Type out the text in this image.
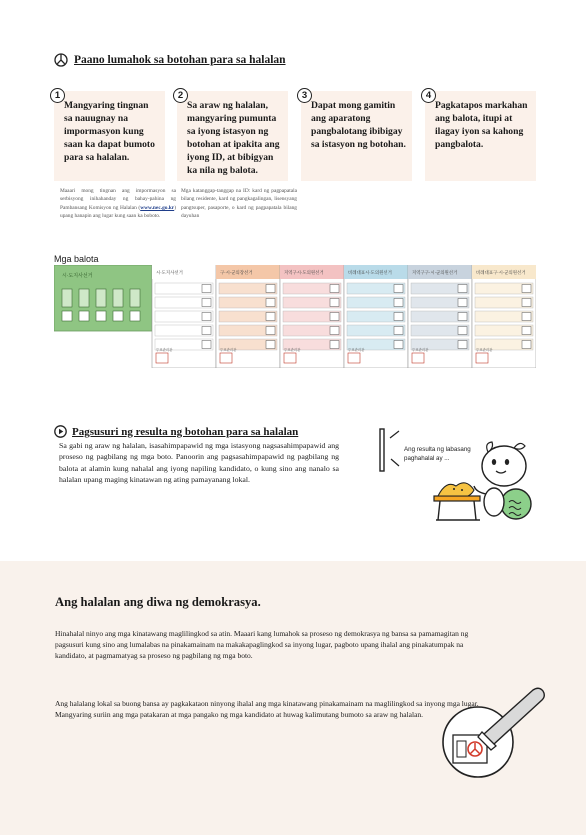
Paano lumahok sa botohan para sa halalan
1
Mangyaring tingnan sa nauugnay na impormasyon kung saan ka dapat bumoto para sa halalan.
2
Sa araw ng halalan, mangyaring pumunta sa iyong istasyon ng botohan at ipakita ang iyong ID, at bibigyan ka nila ng balota.
3
Dapat mong gamitin ang aparatong pangbalotang ibibigay sa istasyon ng botohan.
4
Pagkatapos markahan ang balota, itupi at ilagay iyon sa kahong pangbalota.
Maaari mong tingnan ang impormasyon sa serbisyong inihahanday ng bahay-pahina ng Pambansang Komisyon ng Halalan (www.nec.go.kr) upang hanapin ang lugar kung saan ka boboto.
Mga katanggap-tanggap na ID: kard ng pagpapatala bilang residente, kard ng pangkagalingan, lisensyang pangtsuper, pasaporte, o kard ng pagpapatala bilang dayuhan
Mga balota
시·도지사선거	시·도지사선거
투표관리관
구·시·군의장선거
투표관리관
지역구시·도의원선거
투표관리관
비례대표시·도의원선거
투표관리관
지역구구·시·군의원선거
투표관리관
비례대표구·시·군의원선거
투표관리관
Pagsusuri ng resulta ng botohan para sa halalan
Sa gabi ng araw ng halalan, isasahimpapawid ng mga istasyong nagsasahimpapawid ang proseso ng pagbilang ng mga boto. Panoorin ang pagsasahimpapawid ng pagbilang ng balota at alamin kung nahalal ang iyong napiling kandidato, o kung sino ang nanalo sa halalan upang maging kinatawan ng ating pamayanang lokal.
Ang resulta ng labasang paghahalal ay ...
Ang halalan ang diwa ng demokrasya.
Hinahalal ninyo ang mga kinatawang maglilingkod sa atin. Maaari kang lumahok sa proseso ng demokrasya ng bansa sa pamamagitan ng pagsusuri kung sino ang lumalabas na pinakamainam na makakapaglingkod sa inyong lugar, pagboto upang ihalal ang pinakatumpak na kandidato, at pagmamatyag sa proseso ng pagbilang ng mga boto.
Ang halalang lokal sa buong bansa ay pagkakataon ninyong ihalal ang mga kinatawang pinakamainam na maglilingkod sa inyong mga lugar. Mangyaring suriin ang mga patakaran at mga pangako ng mga kandidato at huwag kalimutang bumoto sa araw ng halalan.
